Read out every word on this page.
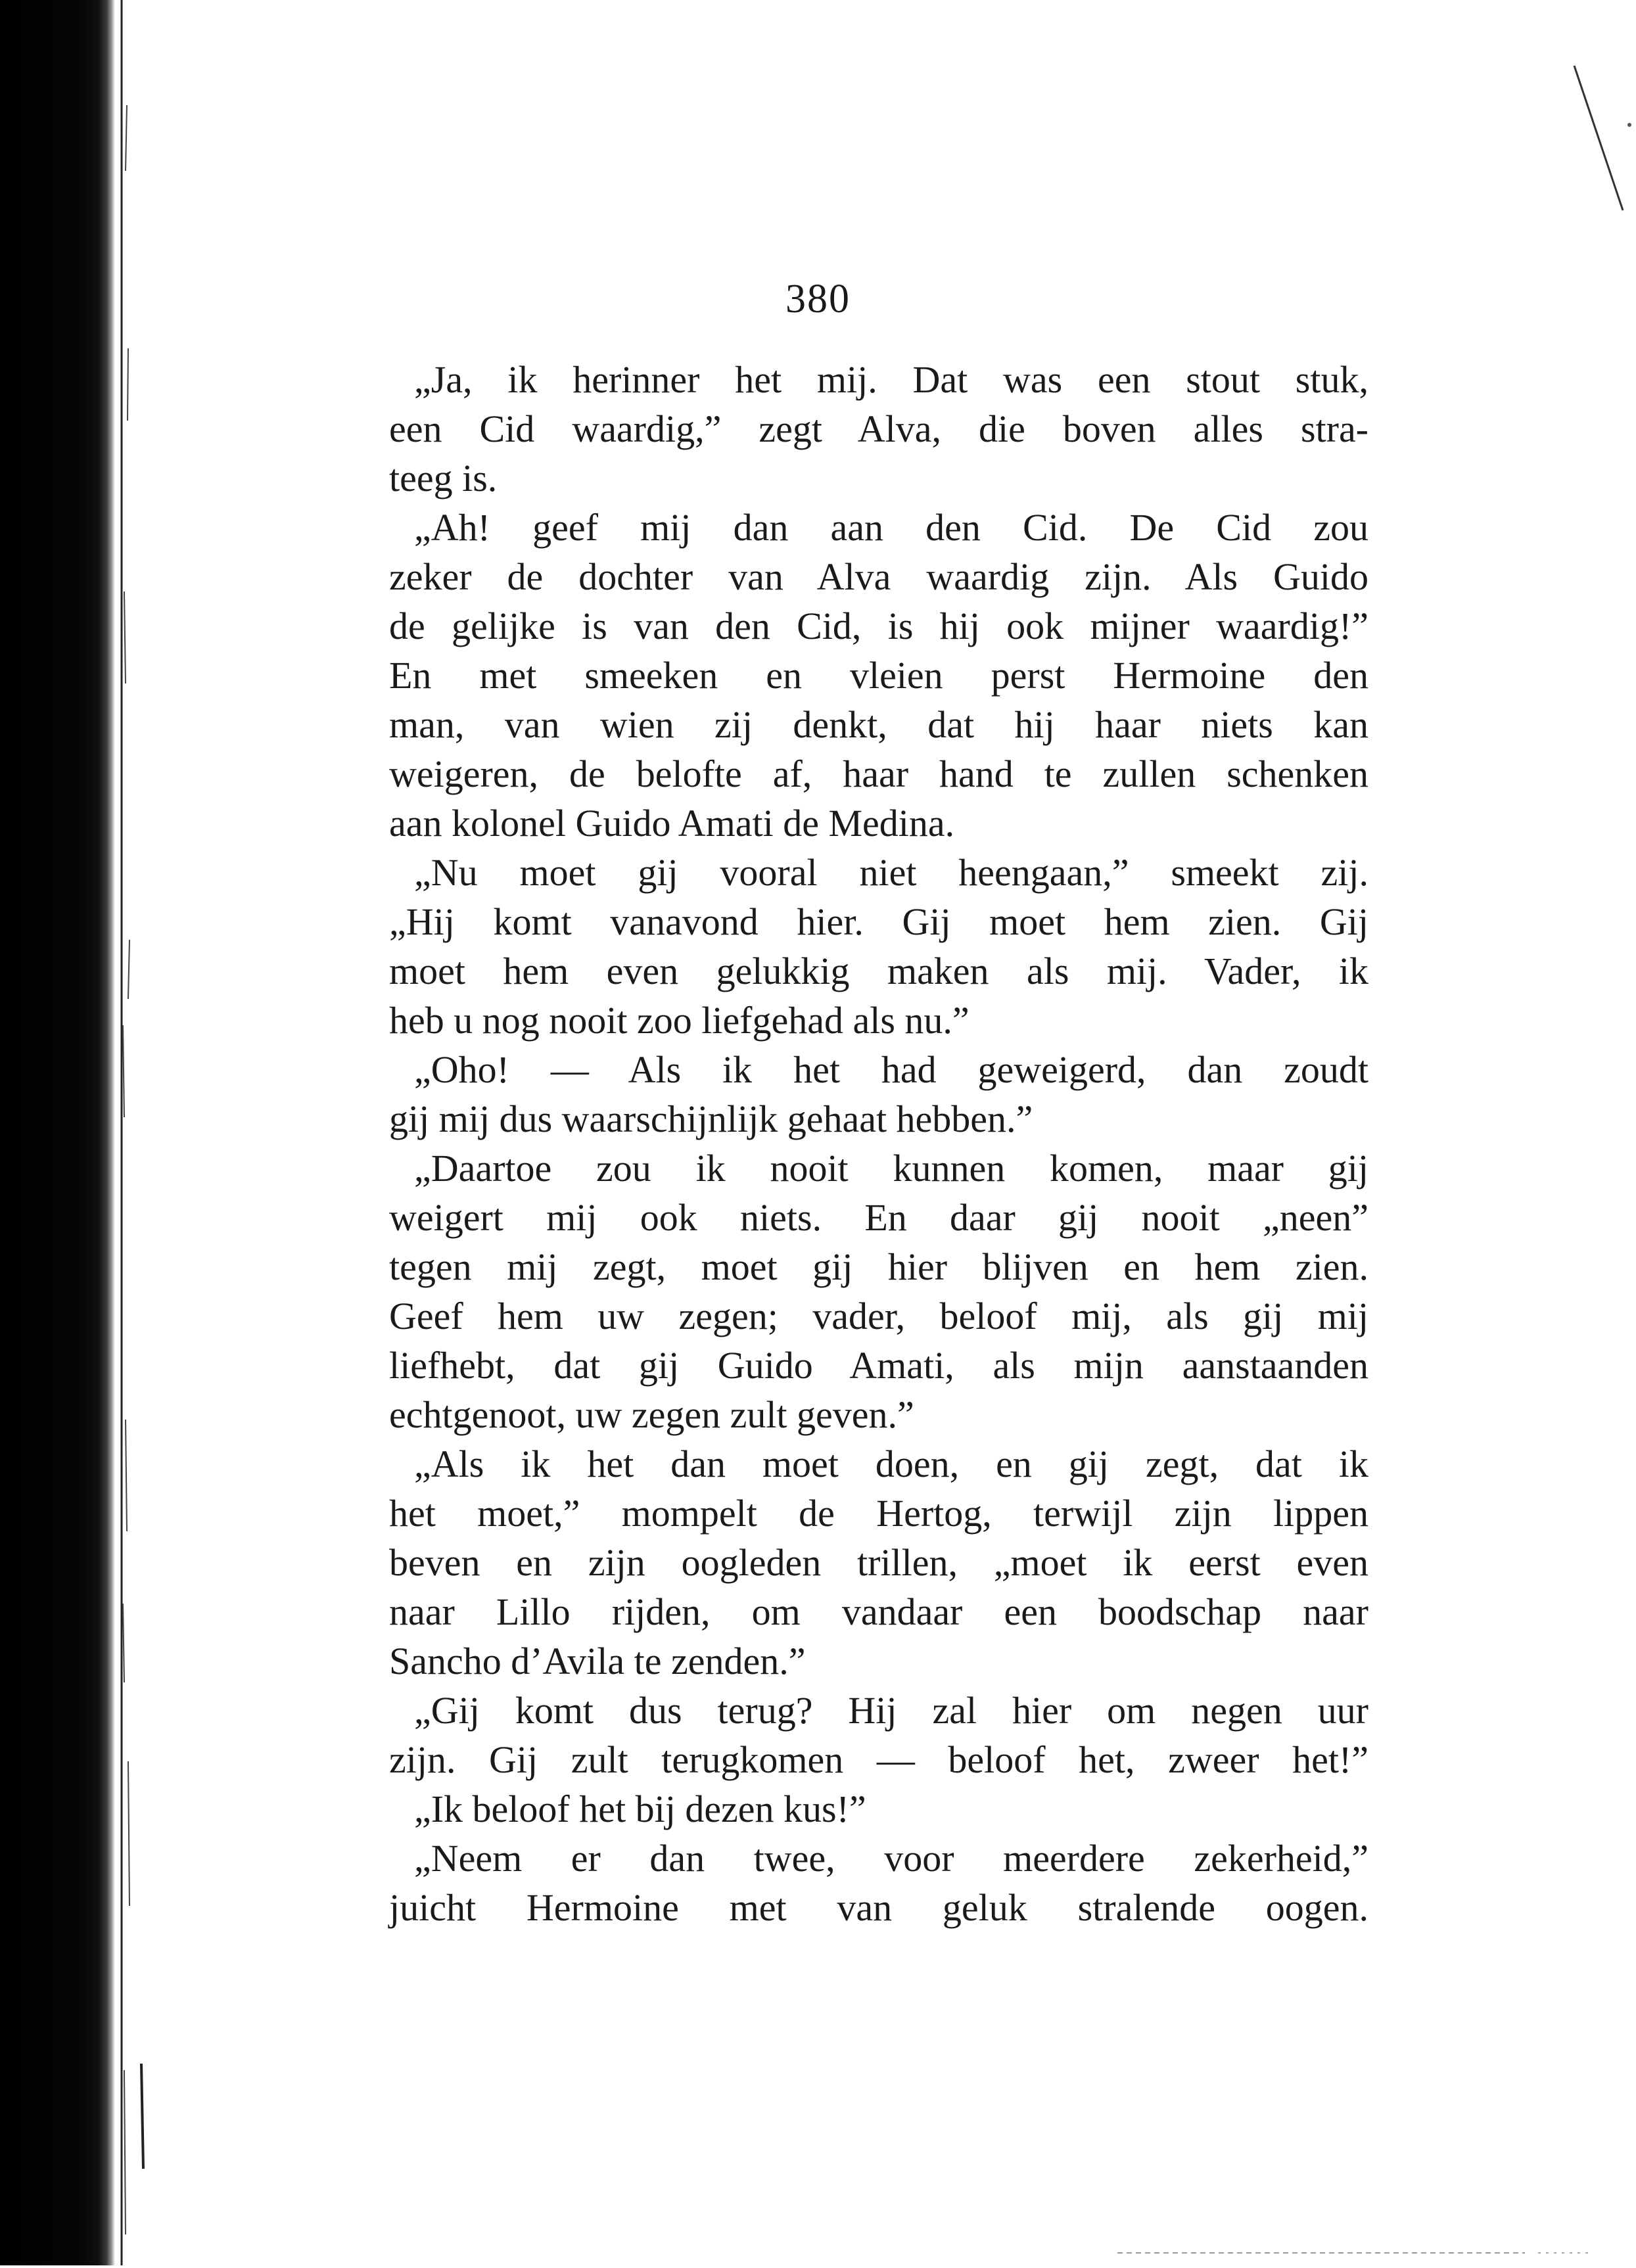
380
„Ja, ik herinner het mij. Dat was een stout stuk,
een Cid waardig,” zegt Alva, die boven alles stra-
teeg is.
„Ah! geef mij dan aan den Cid. De Cid zou
zeker de dochter van Alva waardig zijn. Als Guido
de gelijke is van den Cid, is hij ook mijner waardig!”
En met smeeken en vleien perst Hermoine den
man, van wien zij denkt, dat hij haar niets kan
weigeren, de belofte af, haar hand te zullen schenken
aan kolonel Guido Amati de Medina.
„Nu moet gij vooral niet heengaan,” smeekt zij.
„Hij komt vanavond hier. Gij moet hem zien. Gij
moet hem even gelukkig maken als mij. Vader, ik
heb u nog nooit zoo liefgehad als nu.”
„Oho! — Als ik het had geweigerd, dan zoudt
gij mij dus waarschijnlijk gehaat hebben.”
„Daartoe zou ik nooit kunnen komen, maar gij
weigert mij ook niets. En daar gij nooit „neen”
tegen mij zegt, moet gij hier blijven en hem zien.
Geef hem uw zegen; vader, beloof mij, als gij mij
liefhebt, dat gij Guido Amati, als mijn aanstaanden
echtgenoot, uw zegen zult geven.”
„Als ik het dan moet doen, en gij zegt, dat ik
het moet,” mompelt de Hertog, terwijl zijn lippen
beven en zijn oogleden trillen, „moet ik eerst even
naar Lillo rijden, om vandaar een boodschap naar
Sancho d’Avila te zenden.”
„Gij komt dus terug? Hij zal hier om negen uur
zijn. Gij zult terugkomen — beloof het, zweer het!”
„Ik beloof het bij dezen kus!”
„Neem er dan twee, voor meerdere zekerheid,”
juicht Hermoine met van geluk stralende oogen.
